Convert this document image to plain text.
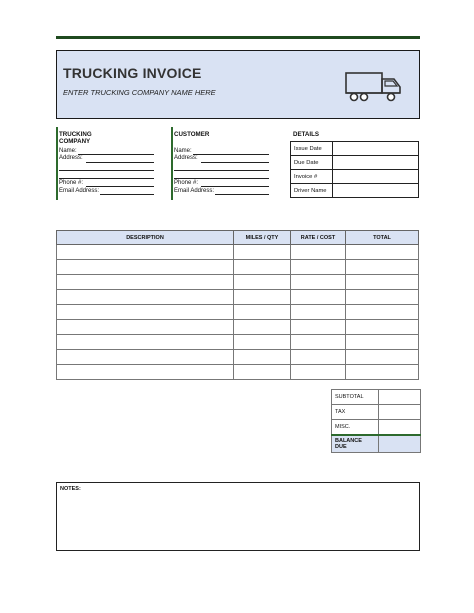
TRUCKING INVOICE
ENTER TRUCKING COMPANY NAME HERE
TRUCKING COMPANY
Name:
Address:
Phone #:
Email Address:
CUSTOMER
Name:
Address:
Phone #:
Email Address:
DETAILS
Issue Date	
Due Date	
Invoice #	
Driver Name	
DESCRIPTION	MILES / QTY	RATE / COST	TOTAL

SUBTOTAL	
TAX	
MISC.	
BALANCE DUE	
NOTES:
